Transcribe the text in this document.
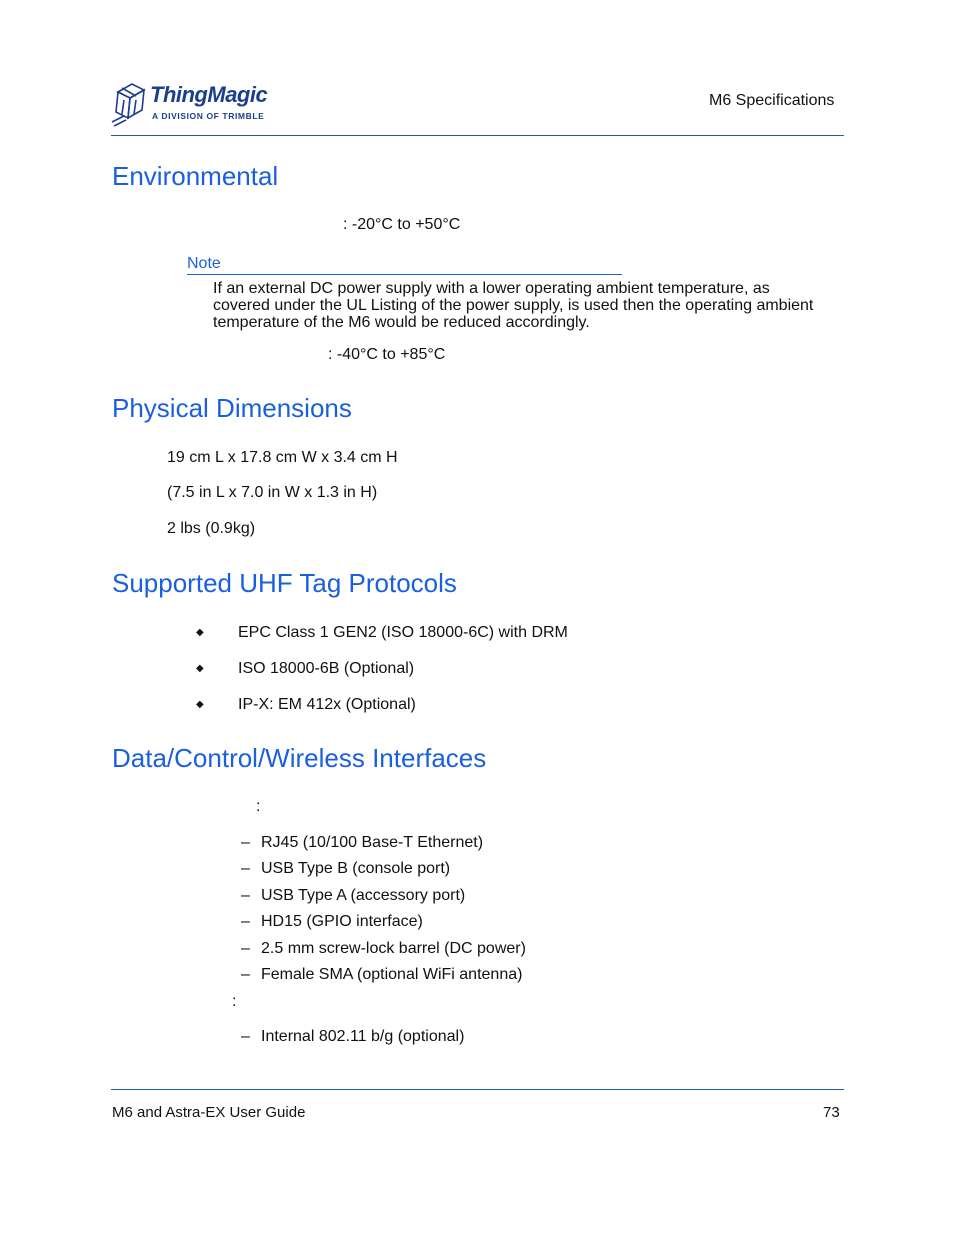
ThingMagic
A DIVISION OF TRIMBLE
M6 Specifications
Environmental
: -20°C to +50°C
Note
If an external DC power supply with a lower operating ambient temperature, as covered under the UL Listing of the power supply, is used then the operating ambient temperature of the M6 would be reduced accordingly.
: -40°C to +85°C
Physical Dimensions
19 cm L x 17.8 cm W x 3.4 cm H
(7.5 in L x 7.0 in W x 1.3 in H)
2 lbs (0.9kg)
Supported UHF Tag Protocols
◆ EPC Class 1 GEN2 (ISO 18000-6C) with DRM
◆ ISO 18000-6B (Optional)
◆ IP-X: EM 412x (Optional)
Data/Control/Wireless Interfaces
:
– RJ45 (10/100 Base-T Ethernet)
– USB Type B (console port)
– USB Type A (accessory port)
– HD15 (GPIO interface)
– 2.5 mm screw-lock barrel (DC power)
– Female SMA (optional WiFi antenna)
:
– Internal 802.11 b/g (optional)
M6 and Astra-EX User Guide	73
